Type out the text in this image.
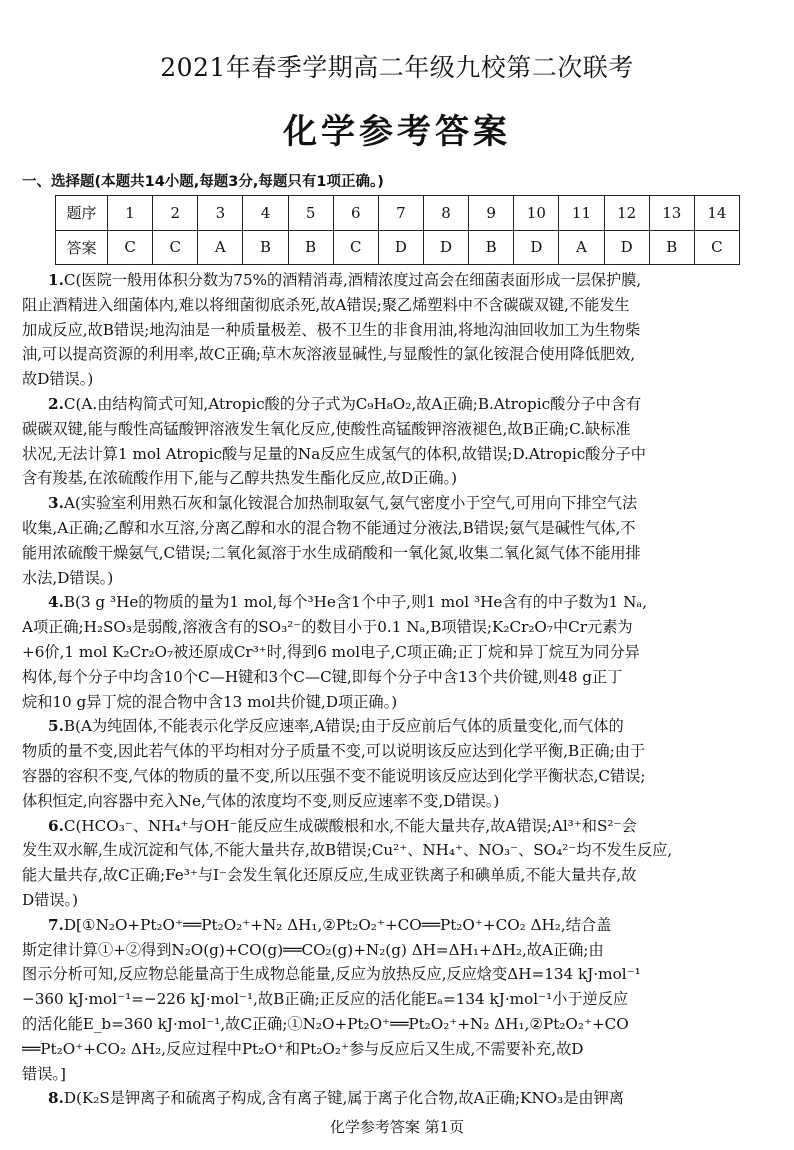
2021年春季学期高二年级九校第二次联考
化学参考答案
一、选择题(本题共14小题,每题3分,每题只有1项正确。)
题序	1	2	3	4	5	6	7	8	9	10	11	12	13	14
答案	C	C	A	B	B	C	D	D	B	D	A	D	B	C
1.C(医院一般用体积分数为75%的酒精消毒,酒精浓度过高会在细菌表面形成一层保护膜,
阻止酒精进入细菌体内,难以将细菌彻底杀死,故A错误;聚乙烯塑料中不含碳碳双键,不能发生
加成反应,故B错误;地沟油是一种质量极差、极不卫生的非食用油,将地沟油回收加工为生物柴
油,可以提高资源的利用率,故C正确;草木灰溶液显碱性,与显酸性的氯化铵混合使用降低肥效,
故D错误。)
2.C(A.由结构简式可知,Atropic酸的分子式为C₉H₈O₂,故A正确;B.Atropic酸分子中含有
碳碳双键,能与酸性高锰酸钾溶液发生氧化反应,使酸性高锰酸钾溶液褪色,故B正确;C.缺标准
状况,无法计算1 mol Atropic酸与足量的Na反应生成氢气的体积,故错误;D.Atropic酸分子中
含有羧基,在浓硫酸作用下,能与乙醇共热发生酯化反应,故D正确。)
3.A(实验室利用熟石灰和氯化铵混合加热制取氨气,氨气密度小于空气,可用向下排空气法
收集,A正确;乙醇和水互溶,分离乙醇和水的混合物不能通过分液法,B错误;氨气是碱性气体,不
能用浓硫酸干燥氨气,C错误;二氧化氮溶于水生成硝酸和一氧化氮,收集二氧化氮气体不能用排
水法,D错误。)
4.B(3 g ³He的物质的量为1 mol,每个³He含1个中子,则1 mol ³He含有的中子数为1 Nₐ,
A项正确;H₂SO₃是弱酸,溶液含有的SO₃²⁻的数目小于0.1 Nₐ,B项错误;K₂Cr₂O₇中Cr元素为
+6价,1 mol K₂Cr₂O₇被还原成Cr³⁺时,得到6 mol电子,C项正确;正丁烷和异丁烷互为同分异
构体,每个分子中均含10个C—H键和3个C—C键,即每个分子中含13个共价键,则48 g正丁
烷和10 g异丁烷的混合物中含13 mol共价键,D项正确。)
5.B(A为纯固体,不能表示化学反应速率,A错误;由于反应前后气体的质量变化,而气体的
物质的量不变,因此若气体的平均相对分子质量不变,可以说明该反应达到化学平衡,B正确;由于
容器的容积不变,气体的物质的量不变,所以压强不变不能说明该反应达到化学平衡状态,C错误;
体积恒定,向容器中充入Ne,气体的浓度均不变,则反应速率不变,D错误。)
6.C(HCO₃⁻、NH₄⁺与OH⁻能反应生成碳酸根和水,不能大量共存,故A错误;Al³⁺和S²⁻会
发生双水解,生成沉淀和气体,不能大量共存,故B错误;Cu²⁺、NH₄⁺、NO₃⁻、SO₄²⁻均不发生反应,
能大量共存,故C正确;Fe³⁺与I⁻会发生氧化还原反应,生成亚铁离子和碘单质,不能大量共存,故
D错误。)
7.D[①N₂O+Pt₂O⁺══Pt₂O₂⁺+N₂ ΔH₁,②Pt₂O₂⁺+CO══Pt₂O⁺+CO₂ ΔH₂,结合盖
斯定律计算①+②得到N₂O(g)+CO(g)══CO₂(g)+N₂(g) ΔH=ΔH₁+ΔH₂,故A正确;由
图示分析可知,反应物总能量高于生成物总能量,反应为放热反应,反应焓变ΔH=134 kJ·mol⁻¹
−360 kJ·mol⁻¹=−226 kJ·mol⁻¹,故B正确;正反应的活化能Eₐ=134 kJ·mol⁻¹小于逆反应
的活化能E_b=360 kJ·mol⁻¹,故C正确;①N₂O+Pt₂O⁺══Pt₂O₂⁺+N₂ ΔH₁,②Pt₂O₂⁺+CO
══Pt₂O⁺+CO₂ ΔH₂,反应过程中Pt₂O⁺和Pt₂O₂⁺参与反应后又生成,不需要补充,故D
错误。]
8.D(K₂S是钾离子和硫离子构成,含有离子键,属于离子化合物,故A正确;KNO₃是由钾离
化学参考答案 第1页
